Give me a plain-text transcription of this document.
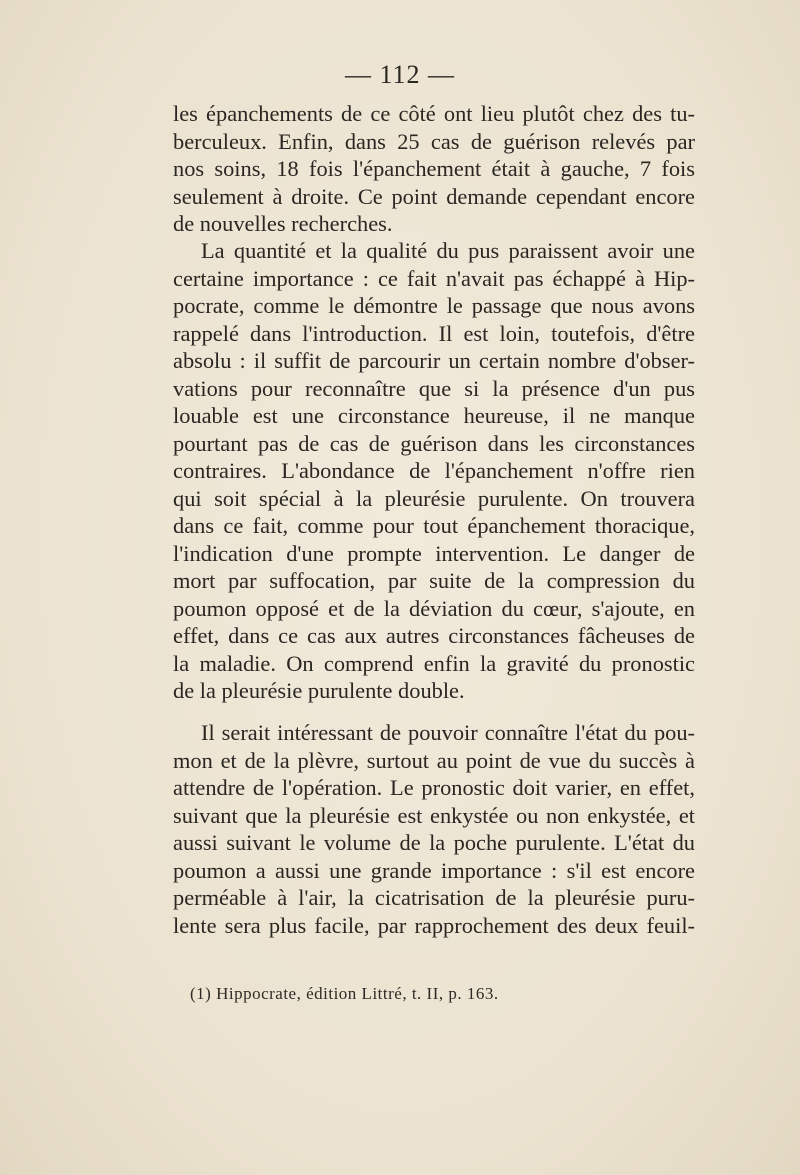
— 112 —
les épanchements de ce côté ont lieu plutôt chez des tu-
berculeux. Enfin, dans 25 cas de guérison relevés par
nos soins, 18 fois l'épanchement était à gauche, 7 fois
seulement à droite. Ce point demande cependant encore
de nouvelles recherches.
La quantité et la qualité du pus paraissent avoir une
certaine importance : ce fait n'avait pas échappé à Hip-
pocrate, comme le démontre le passage que nous avons
rappelé dans l'introduction. Il est loin, toutefois, d'être
absolu : il suffit de parcourir un certain nombre d'obser-
vations pour reconnaître que si la présence d'un pus
louable est une circonstance heureuse, il ne manque
pourtant pas de cas de guérison dans les circonstances
contraires. L'abondance de l'épanchement n'offre rien
qui soit spécial à la pleurésie purulente. On trouvera
dans ce fait, comme pour tout épanchement thoracique,
l'indication d'une prompte intervention. Le danger de
mort par suffocation, par suite de la compression du
poumon opposé et de la déviation du cœur, s'ajoute, en
effet, dans ce cas aux autres circonstances fâcheuses de
la maladie. On comprend enfin la gravité du pronostic
de la pleurésie purulente double.
Il serait intéressant de pouvoir connaître l'état du pou-
mon et de la plèvre, surtout au point de vue du succès à
attendre de l'opération. Le pronostic doit varier, en effet,
suivant que la pleurésie est enkystée ou non enkystée, et
aussi suivant le volume de la poche purulente. L'état du
poumon a aussi une grande importance : s'il est encore
perméable à l'air, la cicatrisation de la pleurésie puru-
lente sera plus facile, par rapprochement des deux feuil-
(1) Hippocrate, édition Littré, t. II, p. 163.
